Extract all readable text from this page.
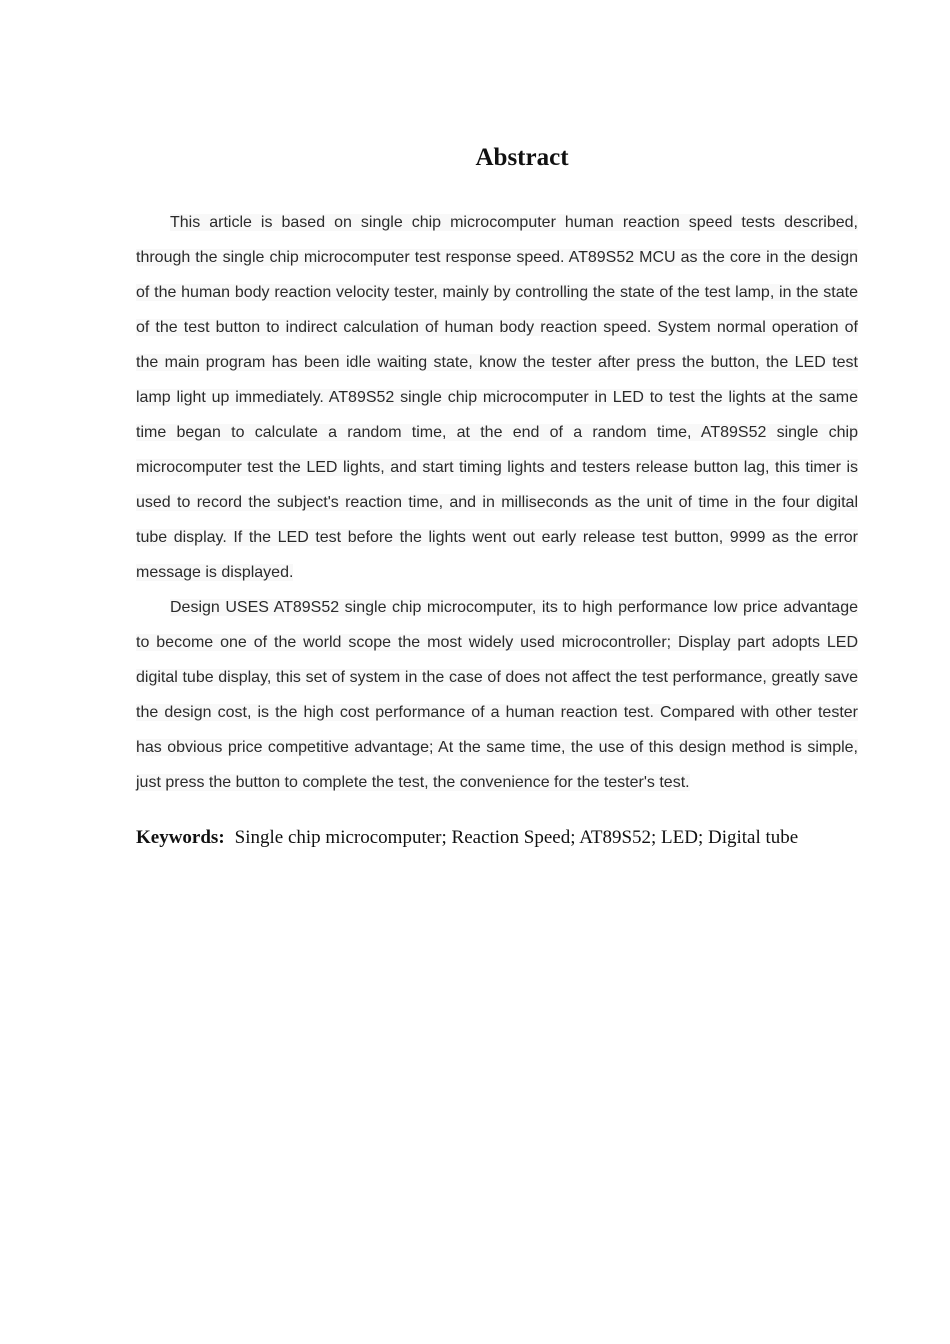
Abstract

This article is based on single chip microcomputer human reaction speed tests described, through the single chip microcomputer test response speed. AT89S52 MCU as the core in the design of the human body reaction velocity tester, mainly by controlling the state of the test lamp, in the state of the test button to indirect calculation of human body reaction speed. System normal operation of the main program has been idle waiting state, know the tester after press the button, the LED test lamp light up immediately. AT89S52 single chip microcomputer in LED to test the lights at the same time began to calculate a random time, at the end of a random time, AT89S52 single chip microcomputer test the LED lights, and start timing lights and testers release button lag, this timer is used to record the subject's reaction time, and in milliseconds as the unit of time in the four digital tube display. If the LED test before the lights went out early release test button, 9999 as the error message is displayed.

Design USES AT89S52 single chip microcomputer, its to high performance low price advantage to become one of the world scope the most widely used microcontroller; Display part adopts LED digital tube display, this set of system in the case of does not affect the test performance, greatly save the design cost, is the high cost performance of a human reaction test. Compared with other tester has obvious price competitive advantage; At the same time, the use of this design method is simple, just press the button to complete the test, the convenience for the tester's test.

Keywords: Single chip microcomputer; Reaction Speed; AT89S52; LED; Digital tube
